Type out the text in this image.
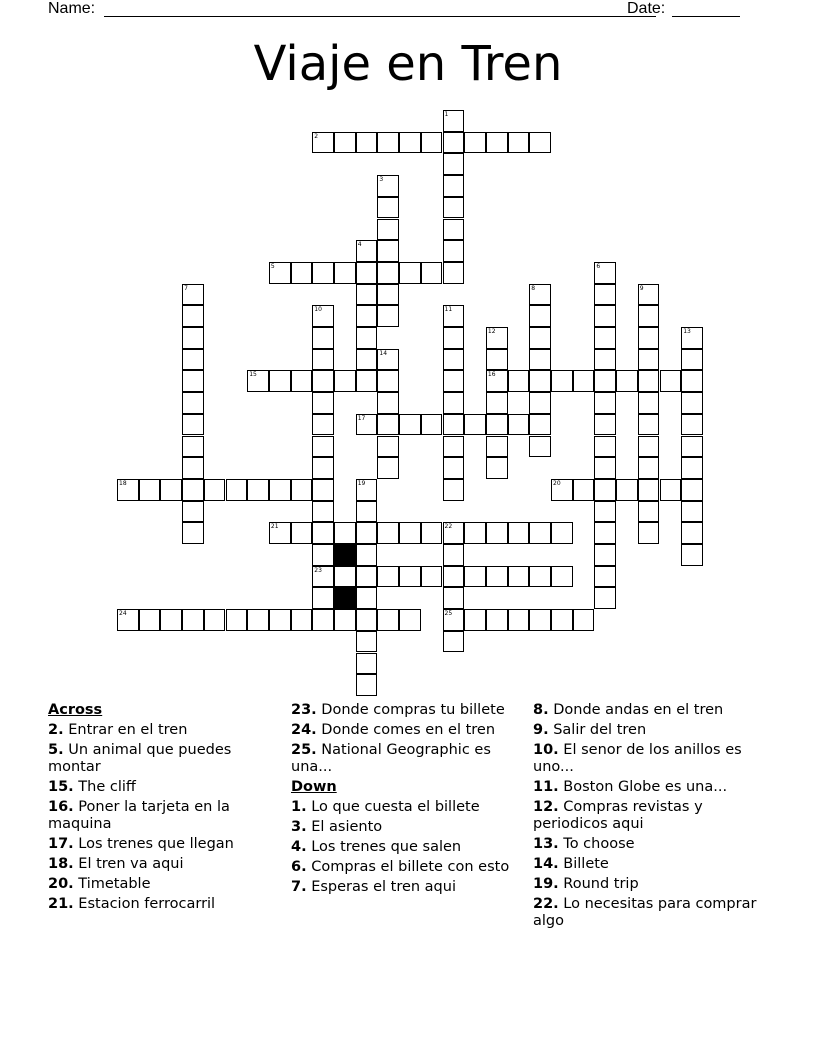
Name:	Date:
Viaje en Tren
1
2
3
4
5	6
7	8	9
10
23
11
12
16
13
14
15
17
18	19	20
21	22
25
24
Across
2. Entrar en el tren
5. Un animal que puedes montar
15. The cliff
16. Poner la tarjeta en la maquina
17. Los trenes que llegan
18. El tren va aqui
20. Timetable
21. Estacion ferrocarril
23. Donde compras tu billete
24. Donde comes en el tren
25. National Geographic es una...
Down
1. Lo que cuesta el billete
3. El asiento
4. Los trenes que salen
6. Compras el billete con esto
7. Esperas el tren aqui
8. Donde andas en el tren
9. Salir del tren
10. El senor de los anillos es uno...
11. Boston Globe es una...
12. Compras revistas y periodicos aqui
13. To choose
14. Billete
19. Round trip
22. Lo necesitas para comprar algo
